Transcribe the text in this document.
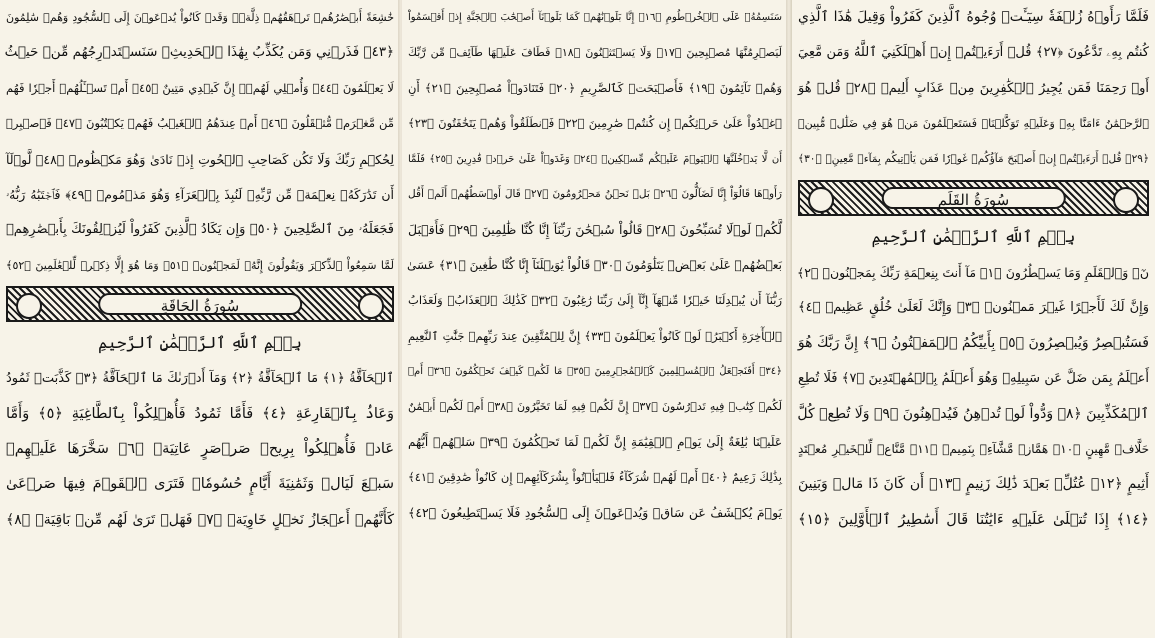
خَٰشِعَةً أَبۡصَٰرُهُمۡ تَرۡهَقُهُمۡ ذِلَّةٞۖ وَقَدۡ كَانُواْ يُدۡعَوۡنَ إِلَى ٱلسُّجُودِ وَهُمۡ سَٰلِمُونَ
﴿٤٣﴾ فَذَرۡنِي وَمَن يُكَذِّبُ بِهَٰذَا ٱلۡحَدِيثِۖ سَنَسۡتَدۡرِجُهُم مِّنۡ حَيۡثُ
لَا يَعۡلَمُونَ ﴿٤٤﴾ وَأُمۡلِي لَهُمۡۚ إِنَّ كَيۡدِي مَتِينٌ ﴿٤٥﴾ أَمۡ تَسۡـَٔلُهُمۡ أَجۡرٗا فَهُم
مِّن مَّغۡرَمٖ مُّثۡقَلُونَ ﴿٤٦﴾ أَمۡ عِندَهُمُ ٱلۡغَيۡبُ فَهُمۡ يَكۡتُبُونَ ﴿٤٧﴾ فَٱصۡبِرۡ
لِحُكۡمِ رَبِّكَ وَلَا تَكُن كَصَاحِبِ ٱلۡحُوتِ إِذۡ نَادَىٰ وَهُوَ مَكۡظُومٞ ﴿٤٨﴾ لَّوۡلَآ
أَن تَدَٰرَكَهُۥ نِعۡمَةٞ مِّن رَّبِّهِۦ لَنُبِذَ بِٱلۡعَرَآءِ وَهُوَ مَذۡمُومٞ ﴿٤٩﴾ فَٱجۡتَبَٰهُ رَبُّهُۥ
فَجَعَلَهُۥ مِنَ ٱلصَّٰلِحِينَ ﴿٥٠﴾ وَإِن يَكَادُ ٱلَّذِينَ كَفَرُواْ لَيُزۡلِقُونَكَ بِأَبۡصَٰرِهِمۡ
لَمَّا سَمِعُواْ ٱلذِّكۡرَ وَيَقُولُونَ إِنَّهُۥ لَمَجۡنُونٞ ﴿٥١﴾ وَمَا هُوَ إِلَّا ذِكۡرٞ لِّلۡعَٰلَمِينَ ﴿٥٢﴾
سُورَةُ الحَاقَةِ
بِسۡمِ ٱللَّهِ ٱلرَّحۡمَٰنِ ٱلرَّحِيمِ
ٱلۡحَآقَّةُ ﴿١﴾ مَا ٱلۡحَآقَّةُ ﴿٢﴾ وَمَآ أَدۡرَىٰكَ مَا ٱلۡحَآقَّةُ ﴿٣﴾ كَذَّبَتۡ ثَمُودُ
وَعَادُۢ بِٱلۡقَارِعَةِ ﴿٤﴾ فَأَمَّا ثَمُودُ فَأُهۡلِكُواْ بِٱلطَّاغِيَةِ ﴿٥﴾ وَأَمَّا
عَادٞ فَأُهۡلِكُواْ بِرِيحٖ صَرۡصَرٍ عَاتِيَةٖ ﴿٦﴾ سَخَّرَهَا عَلَيۡهِمۡ
سَبۡعَ لَيَالٖ وَثَمَٰنِيَةَ أَيَّامٍ حُسُومٗاۖ فَتَرَى ٱلۡقَوۡمَ فِيهَا صَرۡعَىٰ
كَأَنَّهُمۡ أَعۡجَازُ نَخۡلٍ خَاوِيَةٖ ﴿٧﴾ فَهَلۡ تَرَىٰ لَهُم مِّنۢ بَاقِيَةٖ ﴿٨﴾
سَنَسِمُهُۥ عَلَى ٱلۡخُرۡطُومِ ﴿١٦﴾ إِنَّا بَلَوۡنَٰهُمۡ كَمَا بَلَوۡنَآ أَصۡحَٰبَ ٱلۡجَنَّةِ إِذۡ أَقۡسَمُواْ
لَيَصۡرِمُنَّهَا مُصۡبِحِينَ ﴿١٧﴾ وَلَا يَسۡتَثۡنُونَ ﴿١٨﴾ فَطَافَ عَلَيۡهَا طَآئِفٞ مِّن رَّبِّكَ
وَهُمۡ نَآئِمُونَ ﴿١٩﴾ فَأَصۡبَحَتۡ كَٱلصَّرِيمِ ﴿٢٠﴾ فَتَنَادَوۡاْ مُصۡبِحِينَ ﴿٢١﴾ أَنِ
ٱغۡدُواْ عَلَىٰ حَرۡثِكُمۡ إِن كُنتُمۡ صَٰرِمِينَ ﴿٢٢﴾ فَٱنطَلَقُواْ وَهُمۡ يَتَخَٰفَتُونَ ﴿٢٣﴾
أَن لَّا يَدۡخُلَنَّهَا ٱلۡيَوۡمَ عَلَيۡكُم مِّسۡكِينٞ ﴿٢٤﴾ وَغَدَوۡاْ عَلَىٰ حَرۡدٖ قَٰدِرِينَ ﴿٢٥﴾ فَلَمَّا
رَأَوۡهَا قَالُوٓاْ إِنَّا لَضَآلُّونَ ﴿٢٦﴾ بَلۡ نَحۡنُ مَحۡرُومُونَ ﴿٢٧﴾ قَالَ أَوۡسَطُهُمۡ أَلَمۡ أَقُل
لَّكُمۡ لَوۡلَا تُسَبِّحُونَ ﴿٢٨﴾ قَالُواْ سُبۡحَٰنَ رَبِّنَآ إِنَّا كُنَّا ظَٰلِمِينَ ﴿٢٩﴾ فَأَقۡبَلَ
بَعۡضُهُمۡ عَلَىٰ بَعۡضٖ يَتَلَٰوَمُونَ ﴿٣٠﴾ قَالُواْ يَٰوَيۡلَنَآ إِنَّا كُنَّا طَٰغِينَ ﴿٣١﴾ عَسَىٰ
رَبُّنَآ أَن يُبۡدِلَنَا خَيۡرٗا مِّنۡهَآ إِنَّآ إِلَىٰ رَبِّنَا رَٰغِبُونَ ﴿٣٢﴾ كَذَٰلِكَ ٱلۡعَذَابُۖ وَلَعَذَابُ
ٱلۡأٓخِرَةِ أَكۡبَرُۚ لَوۡ كَانُواْ يَعۡلَمُونَ ﴿٣٣﴾ إِنَّ لِلۡمُتَّقِينَ عِندَ رَبِّهِمۡ جَنَّٰتِ ٱلنَّعِيمِ
﴿٣٤﴾ أَفَنَجۡعَلُ ٱلۡمُسۡلِمِينَ كَٱلۡمُجۡرِمِينَ ﴿٣٥﴾ مَا لَكُمۡ كَيۡفَ تَحۡكُمُونَ ﴿٣٦﴾ أَمۡ
لَكُمۡ كِتَٰبٞ فِيهِ تَدۡرُسُونَ ﴿٣٧﴾ إِنَّ لَكُمۡ فِيهِ لَمَا تَخَيَّرُونَ ﴿٣٨﴾ أَمۡ لَكُمۡ أَيۡمَٰنٌ
عَلَيۡنَا بَٰلِغَةٌ إِلَىٰ يَوۡمِ ٱلۡقِيَٰمَةِ إِنَّ لَكُمۡ لَمَا تَحۡكُمُونَ ﴿٣٩﴾ سَلۡهُمۡ أَيُّهُم
بِذَٰلِكَ زَعِيمٌ ﴿٤٠﴾ أَمۡ لَهُمۡ شُرَكَآءُ فَلۡيَأۡتُواْ بِشُرَكَآئِهِمۡ إِن كَانُواْ صَٰدِقِينَ ﴿٤١﴾
يَوۡمَ يُكۡشَفُ عَن سَاقٖ وَيُدۡعَوۡنَ إِلَى ٱلسُّجُودِ فَلَا يَسۡتَطِيعُونَ ﴿٤٢﴾
فَلَمَّا رَأَوۡهُ زُلۡفَةٗ سِيٓـَٔتۡ وُجُوهُ ٱلَّذِينَ كَفَرُواْ وَقِيلَ هَٰذَا ٱلَّذِي
كُنتُم بِهِۦ تَدَّعُونَ ﴿٢٧﴾ قُلۡ أَرَءَيۡتُمۡ إِنۡ أَهۡلَكَنِيَ ٱللَّهُ وَمَن مَّعِيَ
أَوۡ رَحِمَنَا فَمَن يُجِيرُ ٱلۡكَٰفِرِينَ مِنۡ عَذَابٍ أَلِيمٖ ﴿٢٨﴾ قُلۡ هُوَ
ٱلرَّحۡمَٰنُ ءَامَنَّا بِهِۦ وَعَلَيۡهِ تَوَكَّلۡنَاۖ فَسَتَعۡلَمُونَ مَنۡ هُوَ فِي ضَلَٰلٖ مُّبِينٖ
﴿٢٩﴾ قُلۡ أَرَءَيۡتُمۡ إِنۡ أَصۡبَحَ مَآؤُكُمۡ غَوۡرٗا فَمَن يَأۡتِيكُم بِمَآءٖ مَّعِينِۭ ﴿٣٠﴾
سُورَةُ القَلَمِ
بِسۡمِ ٱللَّهِ ٱلرَّحۡمَٰنِ ٱلرَّحِيمِ
نٓۚ وَٱلۡقَلَمِ وَمَا يَسۡطُرُونَ ﴿١﴾ مَآ أَنتَ بِنِعۡمَةِ رَبِّكَ بِمَجۡنُونٖ ﴿٢﴾
وَإِنَّ لَكَ لَأَجۡرًا غَيۡرَ مَمۡنُونٖ ﴿٣﴾ وَإِنَّكَ لَعَلَىٰ خُلُقٍ عَظِيمٖ ﴿٤﴾
فَسَتُبۡصِرُ وَيُبۡصِرُونَ ﴿٥﴾ بِأَييِّكُمُ ٱلۡمَفۡتُونُ ﴿٦﴾ إِنَّ رَبَّكَ هُوَ
أَعۡلَمُ بِمَن ضَلَّ عَن سَبِيلِهِۦ وَهُوَ أَعۡلَمُ بِٱلۡمُهۡتَدِينَ ﴿٧﴾ فَلَا تُطِعِ
ٱلۡمُكَذِّبِينَ ﴿٨﴾ وَدُّواْ لَوۡ تُدۡهِنُ فَيُدۡهِنُونَ ﴿٩﴾ وَلَا تُطِعۡ كُلَّ
حَلَّافٖ مَّهِينٍ ﴿١٠﴾ هَمَّازٖ مَّشَّآءِۭ بِنَمِيمٖ ﴿١١﴾ مَّنَّاعٖ لِّلۡخَيۡرِ مُعۡتَدٍ
أَثِيمٍ ﴿١٢﴾ عُتُلِّۭ بَعۡدَ ذَٰلِكَ زَنِيمٍ ﴿١٣﴾ أَن كَانَ ذَا مَالٖ وَبَنِينَ
﴿١٤﴾ إِذَا تُتۡلَىٰ عَلَيۡهِ ءَايَٰتُنَا قَالَ أَسَٰطِيرُ ٱلۡأَوَّلِينَ ﴿١٥﴾
